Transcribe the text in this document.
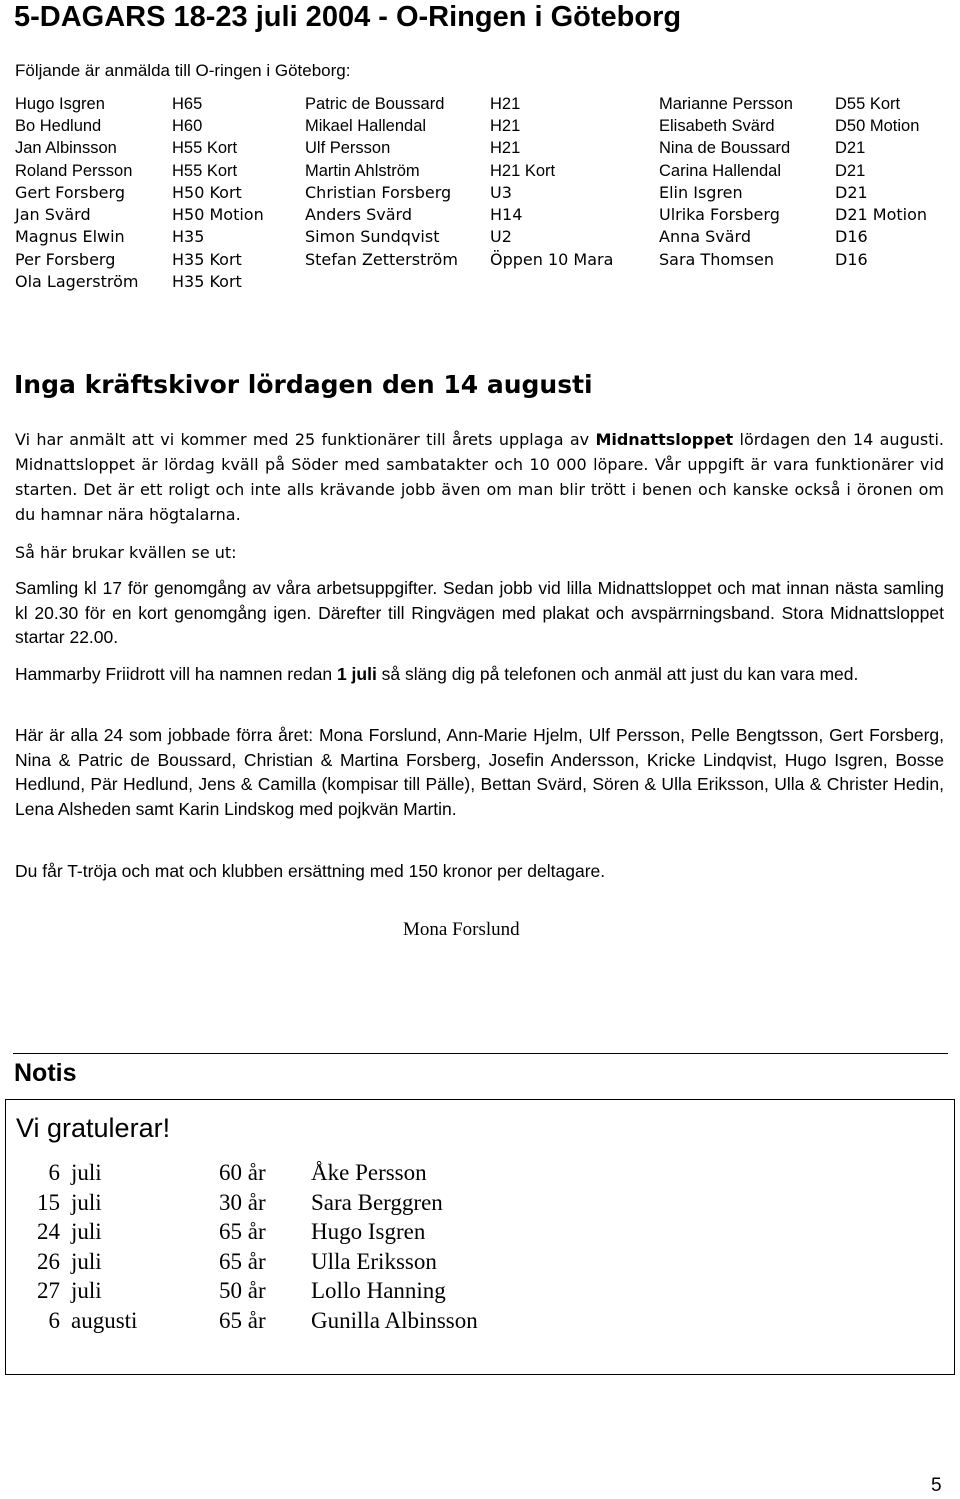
5-DAGARS 18-23 juli 2004 - O-Ringen i Göteborg
Följande är anmälda till O-ringen i Göteborg:
Hugo Isgren	H65	Patric de Boussard	H21	Marianne Persson	D55 Kort
Bo Hedlund	H60	Mikael Hallendal	H21	Elisabeth Svärd	D50 Motion
Jan Albinsson	H55 Kort	Ulf Persson	H21	Nina de Boussard	D21
Roland Persson H55 Kort	Martin Ahlström	H21 Kort	Carina Hallendal	D21
Gert Forsberg	H50 Kort	Christian Forsberg U3	Elin Isgren	D21
Jan Svärd	H50 Motion	Anders Svärd	H14	Ulrika Forsberg	D21 Motion
Magnus Elwin	H35	Simon Sundqvist	U2	Anna Svärd	D16
Per Forsberg	H35 Kort	Stefan Zetterström Öppen 10 Mara	Sara Thomsen	D16
Ola Lagerström H35 Kort
Inga kräftskivor lördagen den 14 augusti

Vi har anmält att vi kommer med 25 funktionärer till årets upplaga av Midnattsloppet lördagen den 14 augusti. Midnattsloppet är lördag kväll på Söder med sambatakter och 10 000 löpare. Vår uppgift är vara funktionärer vid starten. Det är ett roligt och inte alls krävande jobb även om man blir trött i benen och kanske också i öronen om du hamnar nära högtalarna.

Så här brukar kvällen se ut:

Samling kl 17 för genomgång av våra arbetsuppgifter. Sedan jobb vid lilla Midnattsloppet och mat innan nästa samling kl 20.30 för en kort genomgång igen. Därefter till Ringvägen med plakat och avspärrningsband. Stora Midnattsloppet startar 22.00.

Hammarby Friidrott vill ha namnen redan 1 juli så släng dig på telefonen och anmäl att just du kan vara med.

Här är alla 24 som jobbade förra året: Mona Forslund, Ann-Marie Hjelm, Ulf Persson, Pelle Bengtsson, Gert Forsberg, Nina & Patric de Boussard, Christian & Martina Forsberg, Josefin Andersson, Kricke Lindqvist, Hugo Isgren, Bosse Hedlund, Pär Hedlund, Jens & Camilla (kompisar till Pälle), Bettan Svärd, Sören & Ulla Eriksson, Ulla & Christer Hedin, Lena Alsheden samt Karin Lindskog med pojkvän Martin.

Du får T-tröja och mat och klubben ersättning med 150 kronor per deltagare.

Mona Forslund
Notis
Vi gratulerar!
6 juli	60 år Åke Persson
15 juli	30 år Sara Berggren
24 juli	65 år Hugo Isgren
26 juli	65 år Ulla Eriksson
27 juli	50 år Lollo Hanning
6 augusti	65 år Gunilla Albinsson
5
